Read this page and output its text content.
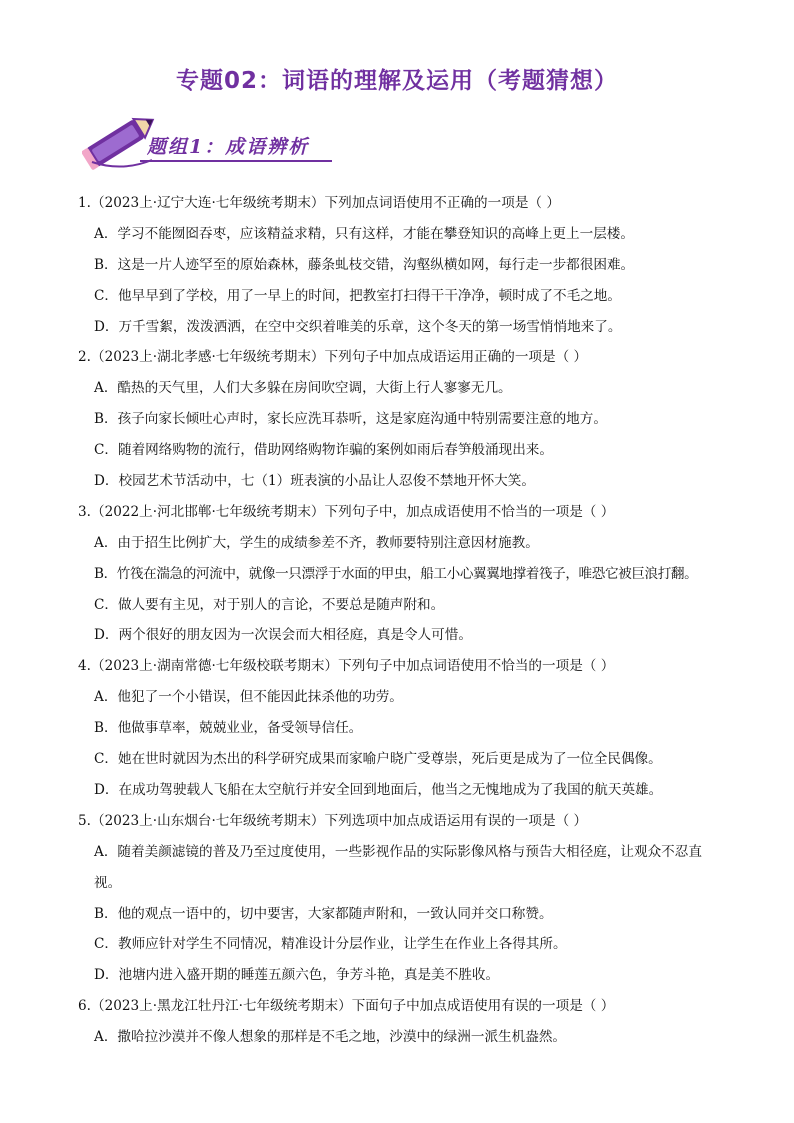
专题02：词语的理解及运用（考题猜想）
题组1：成语辨析
1.（2023上·辽宁大连·七年级统考期末）下列加点词语使用不正确的一项是（ ）
A．学习不能囫囵吞枣，应该精益求精，只有这样，才能在攀登知识的高峰上更上一层楼。
B．这是一片人迹罕至的原始森林，藤条虬枝交错，沟壑纵横如网，每行走一步都很困难。
C．他早早到了学校，用了一早上的时间，把教室打扫得干干净净，顿时成了不毛之地。
D．万千雪絮，泼泼洒洒，在空中交织着唯美的乐章，这个冬天的第一场雪悄悄地来了。
2.（2023上·湖北孝感·七年级统考期末）下列句子中加点成语运用正确的一项是（ ）
A．酷热的天气里，人们大多躲在房间吹空调，大街上行人寥寥无几。
B．孩子向家长倾吐心声时，家长应洗耳恭听，这是家庭沟通中特别需要注意的地方。
C．随着网络购物的流行，借助网络购物诈骗的案例如雨后春笋般涌现出来。
D．校园艺术节活动中，七（1）班表演的小品让人忍俊不禁地开怀大笑。
3.（2022上·河北邯郸·七年级统考期末）下列句子中，加点成语使用不恰当的一项是（ ）
A．由于招生比例扩大，学生的成绩参差不齐，教师要特别注意因材施教。
B．竹筏在湍急的河流中，就像一只漂浮于水面的甲虫，船工小心翼翼地撑着筏子，唯恐它被巨浪打翻。
C．做人要有主见，对于别人的言论，不要总是随声附和。
D．两个很好的朋友因为一次误会而大相径庭，真是令人可惜。
4.（2023上·湖南常德·七年级校联考期末）下列句子中加点词语使用不恰当的一项是（ ）
A．他犯了一个小错误，但不能因此抹杀他的功劳。
B．他做事草率，兢兢业业，备受领导信任。
C．她在世时就因为杰出的科学研究成果而家喻户晓广受尊崇，死后更是成为了一位全民偶像。
D．在成功驾驶载人飞船在太空航行并安全回到地面后，他当之无愧地成为了我国的航天英雄。
5.（2023上·山东烟台·七年级统考期末）下列选项中加点成语运用有误的一项是（ ）
A．随着美颜滤镜的普及乃至过度使用，一些影视作品的实际影像风格与预告大相径庭，让观众不忍直视。
B．他的观点一语中的，切中要害，大家都随声附和，一致认同并交口称赞。
C．教师应针对学生不同情况，精准设计分层作业，让学生在作业上各得其所。
D．池塘内进入盛开期的睡莲五颜六色，争芳斗艳，真是美不胜收。
6.（2023上·黑龙江牡丹江·七年级统考期末）下面句子中加点成语使用有误的一项是（ ）
A．撒哈拉沙漠并不像人想象的那样是不毛之地，沙漠中的绿洲一派生机盎然。
